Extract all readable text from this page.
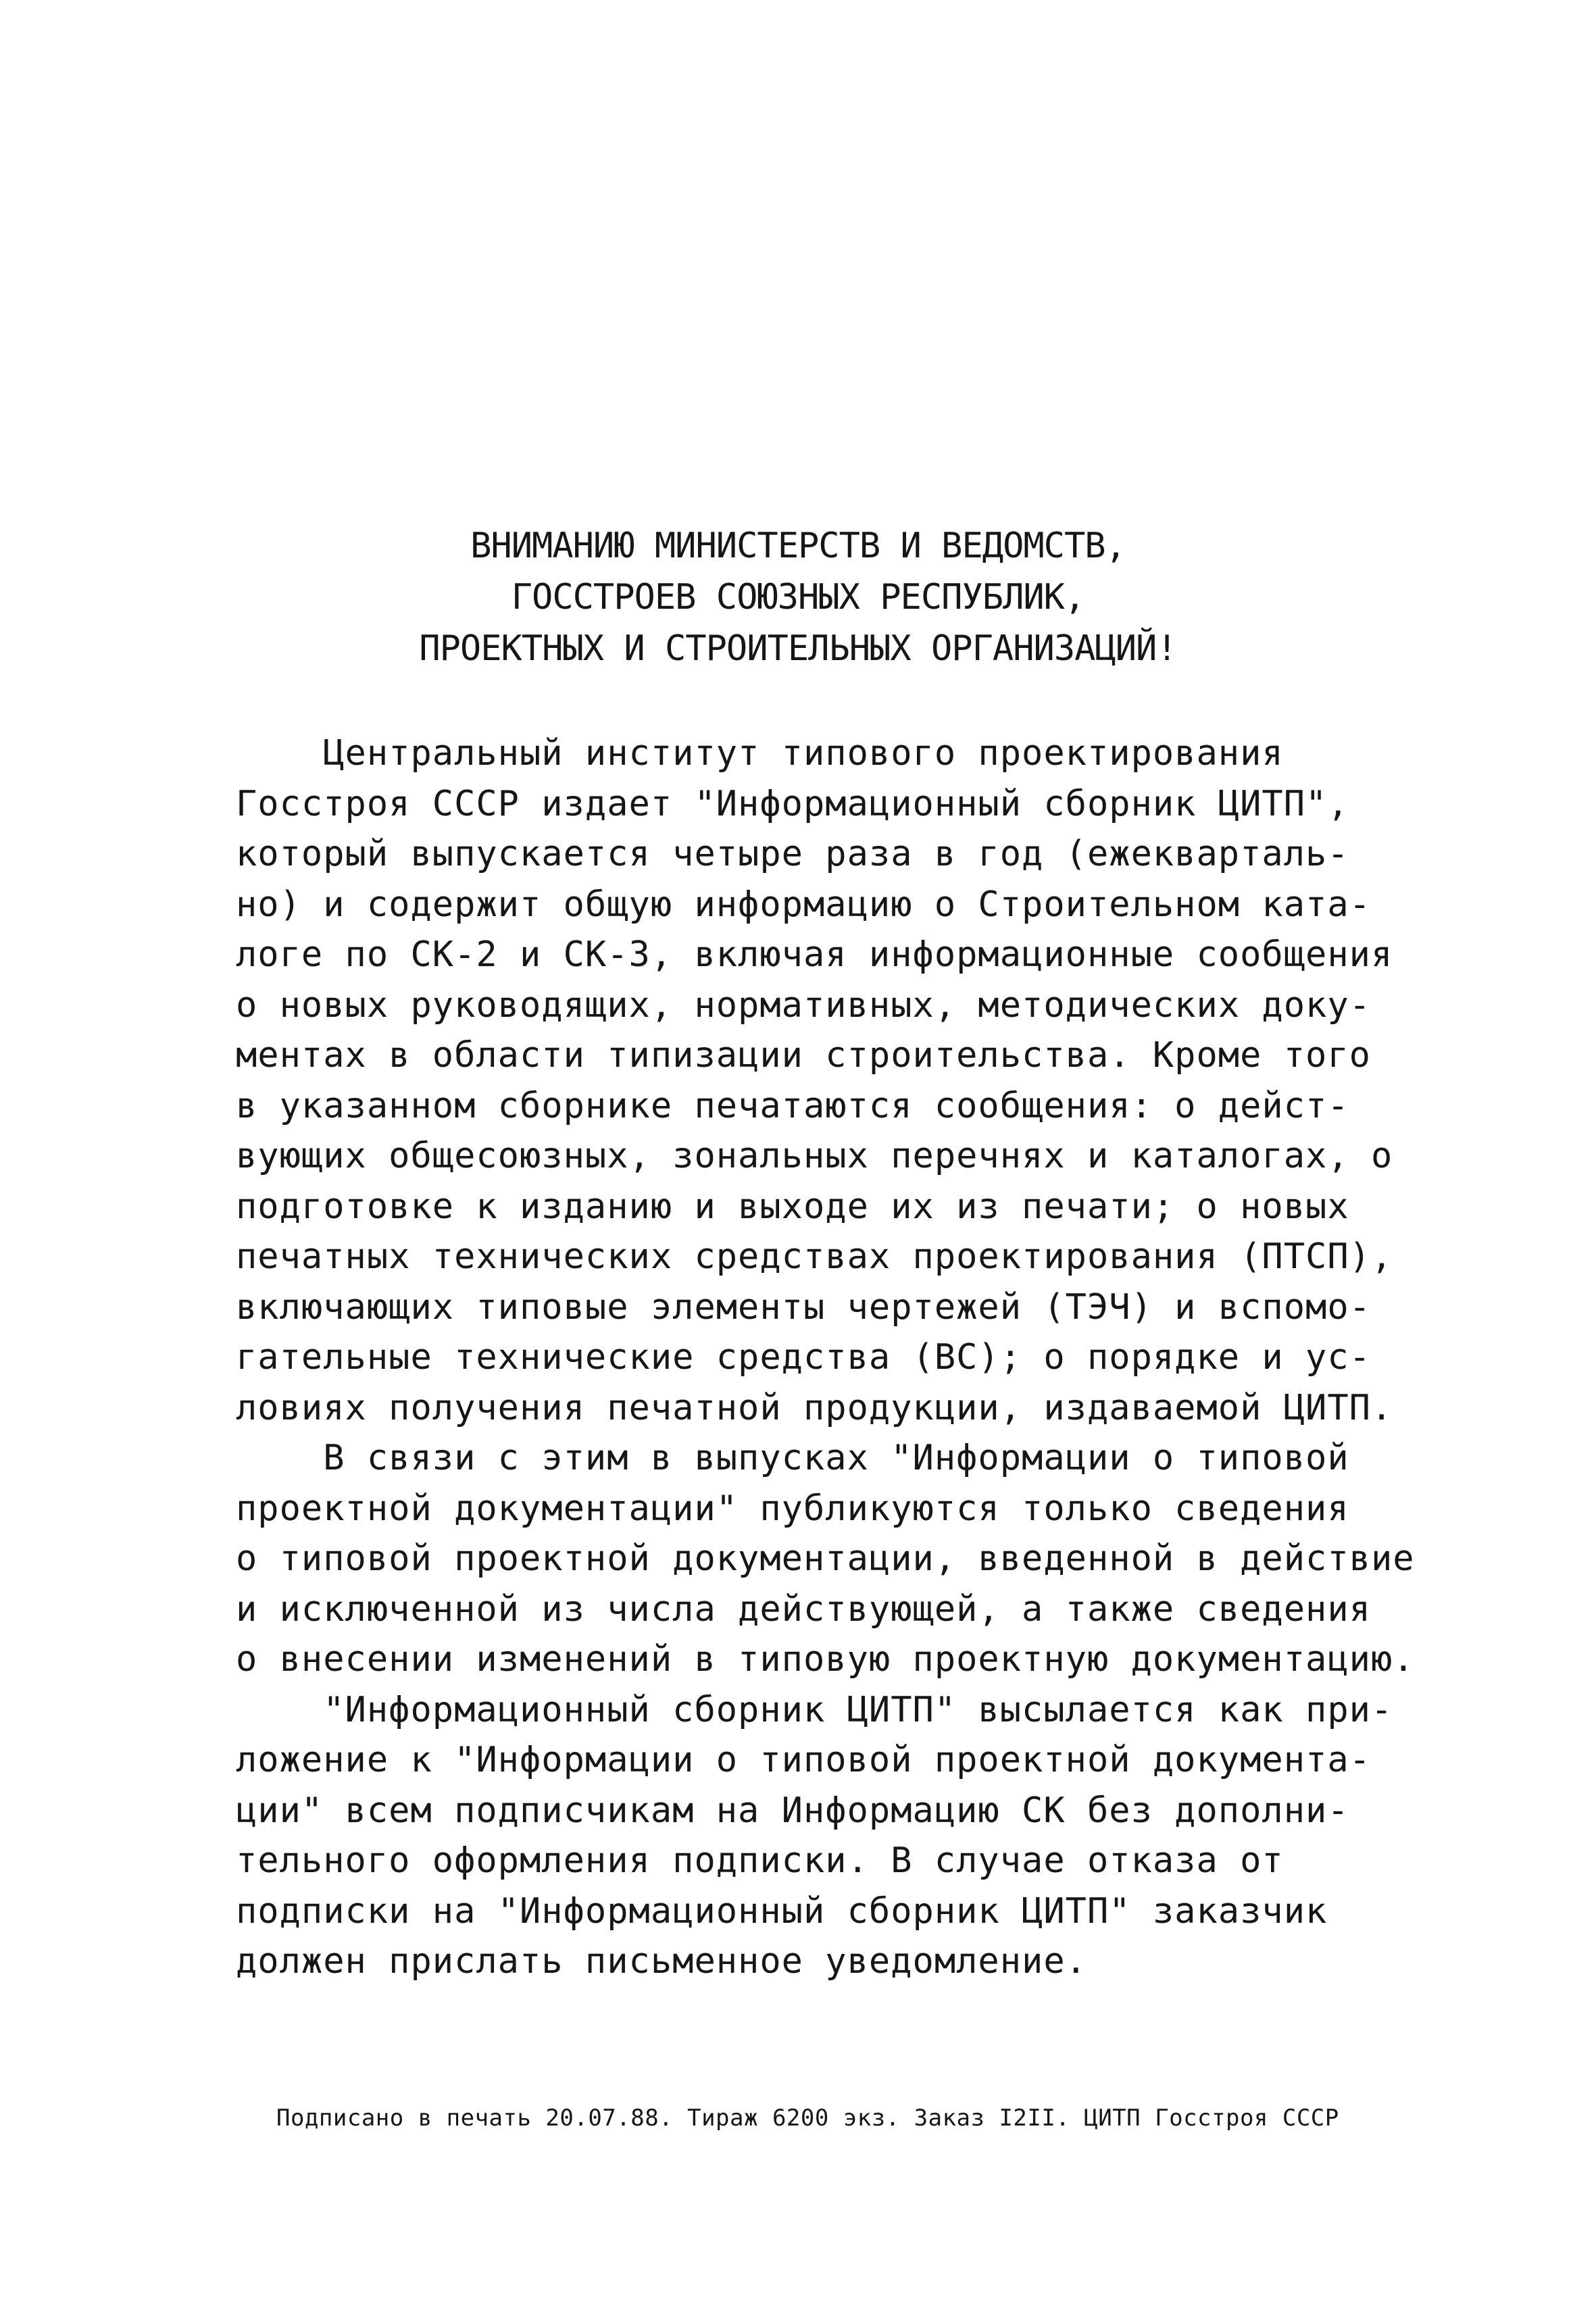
ВНИМАНИЮ МИНИСТЕРСТВ И ВЕДОМСТВ,
ГОССТРОЕВ СОЮЗНЫХ РЕСПУБЛИК,
ПРОЕКТНЫХ И СТРОИТЕЛЬНЫХ ОРГАНИЗАЦИЙ!
Центральный институт типового проектирования
Госстроя СССР издает "Информационный сборник ЦИТП",
который выпускается четыре раза в год (ежекварталь-
но) и содержит общую информацию о Строительном ката-
логе по СК-2 и СК-3, включая информационные сообщения
о новых руководящих, нормативных, методических доку-
ментах в области типизации строительства. Кроме того
в указанном сборнике печатаются сообщения: о дейст-
вующих общесоюзных, зональных перечнях и каталогах, о
подготовке к изданию и выходе их из печати; о новых
печатных технических средствах проектирования (ПТСП),
включающих типовые элементы чертежей (ТЭЧ) и вспомо-
гательные технические средства (ВС); о порядке и ус-
ловиях получения печатной продукции, издаваемой ЦИТП.
В связи с этим в выпусках "Информации о типовой
проектной документации" публикуются только сведения
о типовой проектной документации, введенной в действие
и исключенной из числа действующей, а также сведения
о внесении изменений в типовую проектную документацию.
"Информационный сборник ЦИТП" высылается как при-
ложение к "Информации о типовой проектной документа-
ции" всем подписчикам на Информацию СК без дополни-
тельного оформления подписки. В случае отказа от
подписки на "Информационный сборник ЦИТП" заказчик
должен прислать письменное уведомление.
Подписано в печать 20.07.88. Тираж 6200 экз. Заказ I2II. ЦИТП Госстроя СССР
